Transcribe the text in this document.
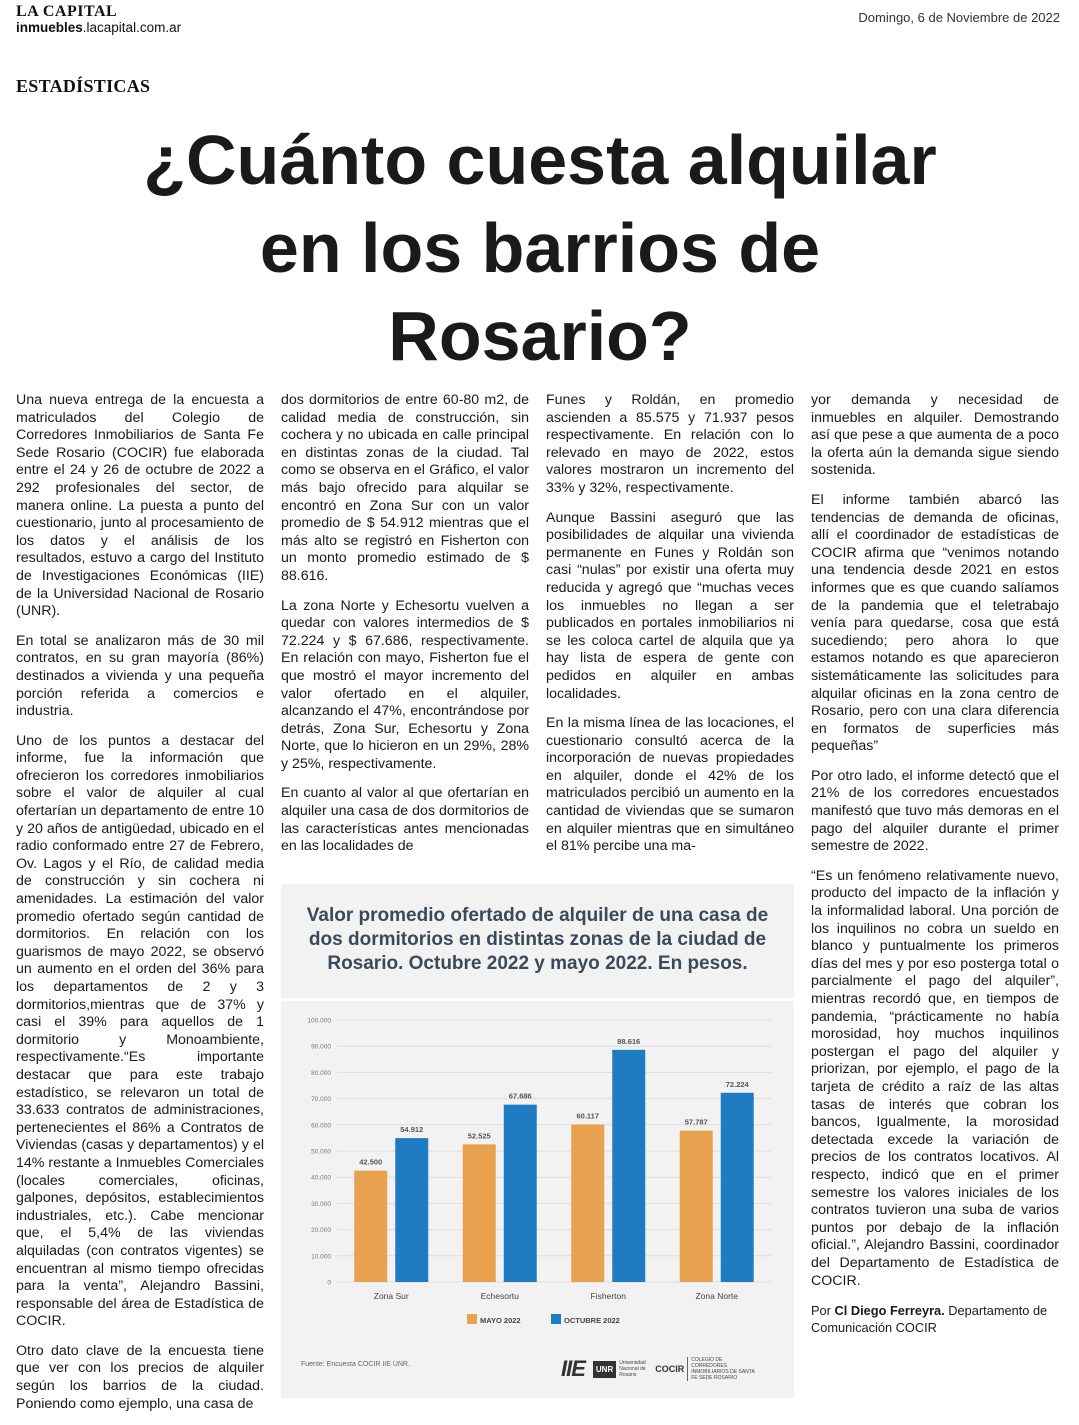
LA CAPITAL
inmuebles.lacapital.com.ar
Domingo, 6 de Noviembre de 2022
ESTADÍSTICAS
¿Cuánto cuesta alquilar en los barrios de Rosario?

Una nueva entrega de la encuesta a matriculados del Colegio de Corredores Inmobiliarios de Santa Fe Sede Rosario (COCIR) fue elaborada entre el 24 y 26 de octubre de 2022 a 292 profesionales del sector, de manera online. La puesta a punto del cuestionario, junto al procesamiento de los datos y el análisis de los resultados, estuvo a cargo del Instituto de Investigaciones Económicas (IIE) de la Universidad Nacional de Rosario (UNR).

En total se analizaron más de 30 mil contratos, en su gran mayoría (86%) destinados a vivienda y una pequeña porción referida a comercios e industria.

Uno de los puntos a destacar del informe, fue la información que ofrecieron los corredores inmobiliarios sobre el valor de alquiler al cual ofertarían un departamento de entre 10 y 20 años de antigüedad, ubicado en el radio conformado entre 27 de Febrero, Ov. Lagos y el Río, de calidad media de construcción y sin cochera ni amenidades. La estimación del valor promedio ofertado según cantidad de dormitorios. En relación con los guarismos de mayo 2022, se observó un aumento en el orden del 36% para los departamentos de 2 y 3 dormitorios,mientras que de 37% y casi el 39% para aquellos de 1 dormitorio y Monoambiente, respectivamente.“Es importante destacar que para este trabajo estadístico, se relevaron un total de 33.633 contratos de administraciones, pertenecientes el 86% a Contratos de Viviendas (casas y departamentos) y el 14% restante a Inmuebles Comerciales (locales comerciales, oficinas, galpones, depósitos, establecimientos industriales, etc.). Cabe mencionar que, el 5,4% de las viviendas alquiladas (con contratos vigentes) se encuentran al mismo tiempo ofrecidas para la venta”, Alejandro Bassini, responsable del área de Estadística de COCIR.

Otro dato clave de la encuesta tiene que ver con los precios de alquiler según los barrios de la ciudad. Poniendo como ejemplo, una casa de

dos dormitorios de entre 60-80 m2, de calidad media de construcción, sin cochera y no ubicada en calle principal en distintas zonas de la ciudad. Tal como se observa en el Gráfico, el valor más bajo ofrecido para alquilar se encontró en Zona Sur con un valor promedio de $ 54.912 mientras que el más alto se registró en Fisherton con un monto promedio estimado de $ 88.616.

La zona Norte y Echesortu vuelven a quedar con valores intermedios de $ 72.224 y $ 67.686, respectivamente. En relación con mayo, Fisherton fue el que mostró el mayor incremento del valor ofertado en el alquiler, alcanzando el 47%, encontrándose por detrás, Zona Sur, Echesortu y Zona Norte, que lo hicieron en un 29%, 28% y 25%, respectivamente.

En cuanto al valor al que ofertarían en alquiler una casa de dos dormitorios de las características antes mencionadas en las localidades de

Funes y Roldán, en promedio ascienden a 85.575 y 71.937 pesos respectivamente. En relación con lo relevado en mayo de 2022, estos valores mostraron un incremento del 33% y 32%, respectivamente.

Aunque Bassini aseguró que las posibilidades de alquilar una vivienda permanente en Funes y Roldán son casi “nulas” por existir una oferta muy reducida y agregó que “muchas veces los inmuebles no llegan a ser publicados en portales inmobiliarios ni se les coloca cartel de alquila que ya hay lista de espera de gente con pedidos en alquiler en ambas localidades.

En la misma línea de las locaciones, el cuestionario consultó acerca de la incorporación de nuevas propiedades en alquiler, donde el 42% de los matriculados percibió un aumento en la cantidad de viviendas que se sumaron en alquiler mientras que en simultáneo el 81% percibe una ma-

yor demanda y necesidad de inmuebles en alquiler. Demostrando así que pese a que aumenta de a poco la oferta aún la demanda sigue siendo sostenida.

El informe también abarcó las tendencias de demanda de oficinas, allí el coordinador de estadísticas de COCIR afirma que “venimos notando una tendencia desde 2021 en estos informes que es que cuando salíamos de la pandemia que el teletrabajo venía para quedarse, cosa que está sucediendo; pero ahora lo que estamos notando es que aparecieron sistemáticamente las solicitudes para alquilar oficinas en la zona centro de Rosario, pero con una clara diferencia en formatos de superficies más pequeñas”

Por otro lado, el informe detectó que el 21% de los corredores encuestados manifestó que tuvo más demoras en el pago del alquiler durante el primer semestre de 2022.

“Es un fenómeno relativamente nuevo, producto del impacto de la inflación y la informalidad laboral. Una porción de los inquilinos no cobra un sueldo en blanco y puntualmente los primeros días del mes y por eso posterga total o parcialmente el pago del alquiler”, mientras recordó que, en tiempos de pandemia, “prácticamente no había morosidad, hoy muchos inquilinos postergan el pago del alquiler y priorizan, por ejemplo, el pago de la tarjeta de crédito a raíz de las altas tasas de interés que cobran los bancos, Igualmente, la morosidad detectada excede la variación de precios de los contratos locativos. Al respecto, indicó que en el primer semestre los valores iniciales de los contratos tuvieron una suba de varios puntos por debajo de la inflación oficial.”, Alejandro Bassini, coordinador del Departamento de Estadística de COCIR.

Por Cl Diego Ferreyra. Departamento de Comunicación COCIR
Valor promedio ofertado de alquiler de una casa de dos dormitorios en distintas zonas de la ciudad de Rosario. Octubre 2022 y mayo 2022. En pesos.
0
10.000
20.000
30.000
40.000
50.000
60.000
70.000
80.000
90.000
100.000
42.500
54.912
Zona Sur
52.525
67.686
Echesortu
60.117
88.616
Fisherton
57.787
72.224
Zona Norte
MAYO 2022	OCTUBRE 2022
Fuente: Encuesta COCIR IIE UNR.	IIE	UNR
Universidad Nacional de Rosario
COCIR
COLEGIO DE CORREDORES INMOBILIARIOS DE SANTA FE SEDE ROSARIO
